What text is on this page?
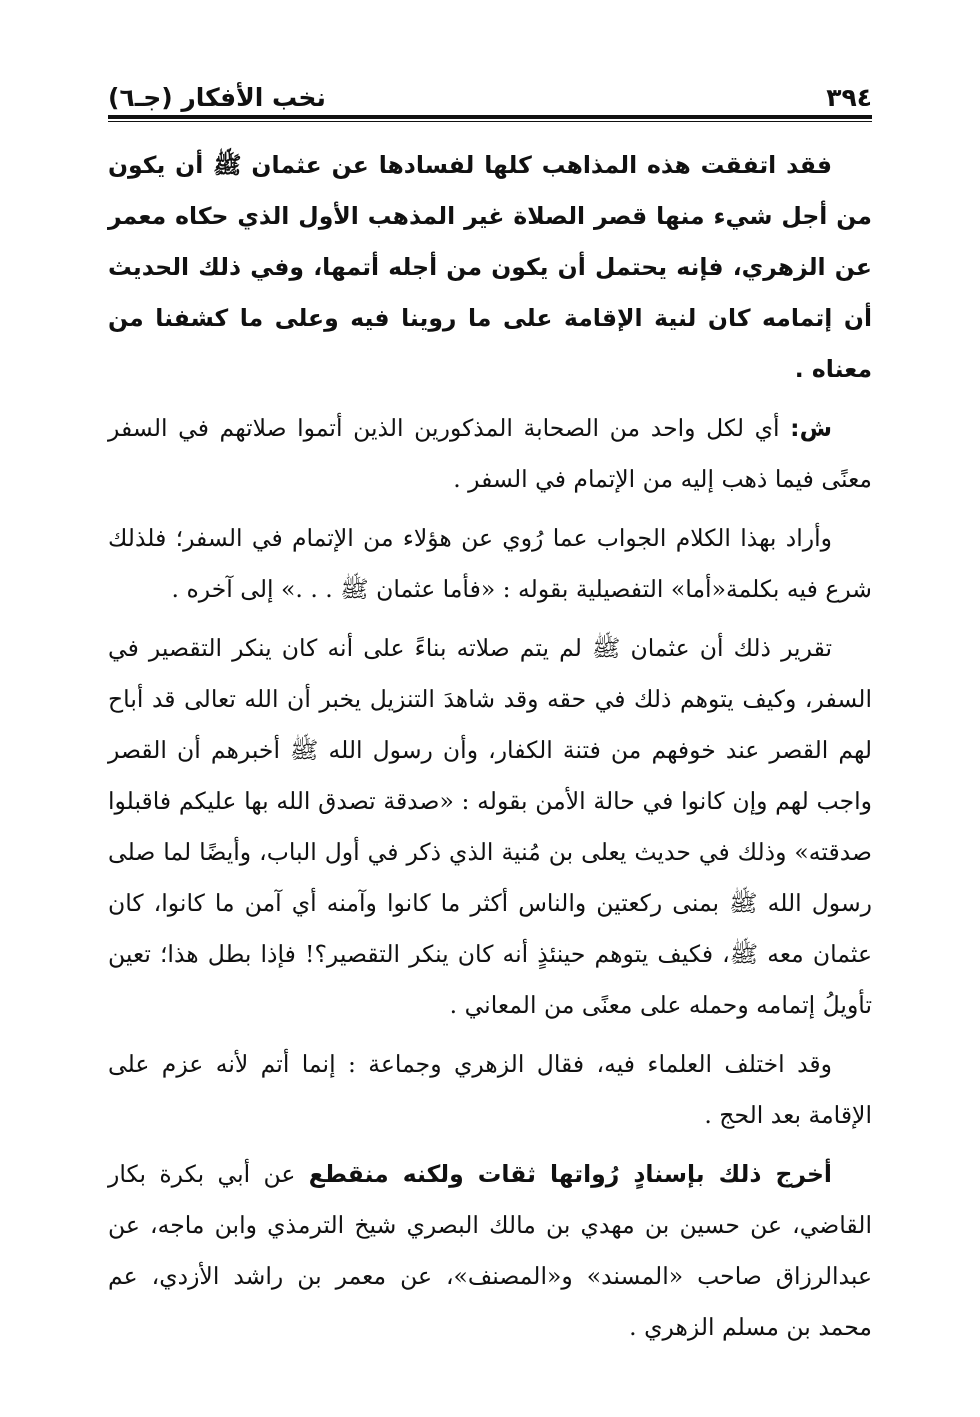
٣٩٤
نخب الأفكار (جـ٦)

فقد اتفقت هذه المذاهب كلها لفسادها عن عثمان ﷺ أن يكون من أجل شيء منها قصر الصلاة غير المذهب الأول الذي حكاه معمر عن الزهري، فإنه يحتمل أن يكون من أجله أتمها، وفي ذلك الحديث أن إتمامه كان لنية الإقامة على ما روينا فيه وعلى ما كشفنا من معناه .

ش: أي لكل واحد من الصحابة المذكورين الذين أتموا صلاتهم في السفر معنًى فيما ذهب إليه من الإتمام في السفر .

وأراد بهذا الكلام الجواب عما رُوي عن هؤلاء من الإتمام في السفر؛ فلذلك شرع فيه بكلمة«أما» التفصيلية بقوله : «فأما عثمان ﷺ . . .» إلى آخره .

تقرير ذلك أن عثمان ﷺ لم يتم صلاته بناءً على أنه كان ينكر التقصير في السفر، وكيف يتوهم ذلك في حقه وقد شاهدَ التنزيل يخبر أن الله تعالى قد أباح لهم القصر عند خوفهم من فتنة الكفار، وأن رسول الله ﷺ أخبرهم أن القصر واجب لهم وإن كانوا في حالة الأمن بقوله : «صدقة تصدق الله بها عليكم فاقبلوا صدقته» وذلك في حديث يعلى بن مُنية الذي ذكر في أول الباب، وأيضًا لما صلى رسول الله ﷺ بمنى ركعتين والناس أكثر ما كانوا وآمنه أي آمن ما كانوا، كان عثمان معه ﷺ، فكيف يتوهم حينئذٍ أنه كان ينكر التقصير؟! فإذا بطل هذا؛ تعين تأويلُ إتمامه وحمله على معنًى من المعاني .

وقد اختلف العلماء فيه، فقال الزهري وجماعة : إنما أتم لأنه عزم على الإقامة بعد الحج .

أخرج ذلك بإسنادٍ رُواتها ثقات ولكنه منقطع عن أبي بكرة بكار القاضي، عن حسين بن مهدي بن مالك البصري شيخ الترمذي وابن ماجه، عن عبدالرزاق صاحب «المسند» و«المصنف»، عن معمر بن راشد الأزدي، عم محمد بن مسلم الزهري .
